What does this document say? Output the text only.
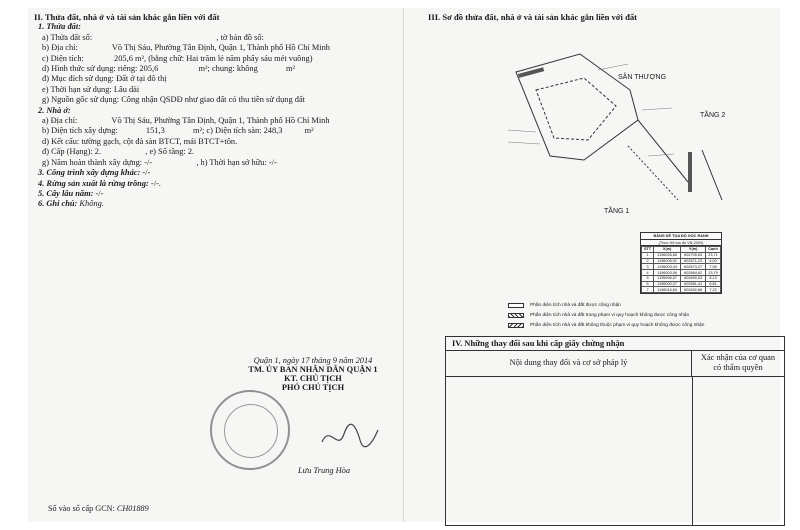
II. Thửa đất, nhà ở và tài sản khác gắn liền với đất
1. Thửa đất:
a) Thửa đất số:	, tờ bản đồ số:
b) Địa chỉ:	Võ Thị Sáu, Phường Tân Định, Quận 1, Thành phố Hồ Chí Minh
c) Diện tích:	205,6 m², (bằng chữ: Hai trăm lẻ năm phẩy sáu mét vuông)
d) Hình thức sử dụng: riêng: 205,6	m²; chung: không	m²
đ) Mục đích sử dụng: Đất ở tại đô thị
e) Thời hạn sử dụng: Lâu dài
g) Nguồn gốc sử dụng: Công nhận QSDĐ như giao đất có thu tiền sử dụng đất
2. Nhà ở:
a) Địa chỉ:	Võ Thị Sáu, Phường Tân Định, Quận 1, Thành phố Hồ Chí Minh
b) Diện tích xây dựng:	151,3	m²; c) Diện tích sàn: 248,3	m²
d) Kết cấu: tường gạch, cột đà sàn BTCT, mái BTCT+tôn.
đ) Cấp (Hạng): 2.	, e) Số tầng: 2.
g) Năm hoàn thành xây dựng: -/-	, h) Thời hạn sở hữu: -/-
3. Công trình xây dựng khác: -/-
4. Rừng sản xuất là rừng trồng: -/-.
5. Cây lâu năm: -/-
6. Ghi chú: Không.
Quận 1, ngày 17 tháng 9 năm 2014
TM. ỦY BAN NHÂN DÂN QUẬN 1
KT. CHỦ TỊCH
PHÓ CHỦ TỊCH
Lưu Trung Hòa
Số vào sổ cấp GCN: CH01889
III. Sơ đồ thửa đất, nhà ở và tài sản khác gắn liền với đất
SÂN THƯỢNG
TẦNG 2
TẦNG 1
BẢNG KÊ TỌA ĐỘ GÓC RANH
(Theo Hệ tọa độ VN-2000)
STT	X(m)	Y(m)	Cạnh
1	1196026,66	602705,63	23,71
2	1196006,91	602671,23	4,00
3	1196003,44	602673,27	7,96
4	1196003,06	602684,62	23,79
5	1195996,57	602690,53	8,13
6	1196000,07	602681,41	6,81
7	1196016,84	602692,66	7,22
Phần diện tích nhà và đất được công nhận
Phần diện tích nhà và đất trong phạm vi quy hoạch không được công nhận
Phần diện tích nhà và đất không thuộc phạm vi quy hoạch không được công nhận
IV. Những thay đổi sau khi cấp giấy chứng nhận
Nội dung thay đổi và cơ sở pháp lý
Xác nhận của cơ quan
có thẩm quyền
